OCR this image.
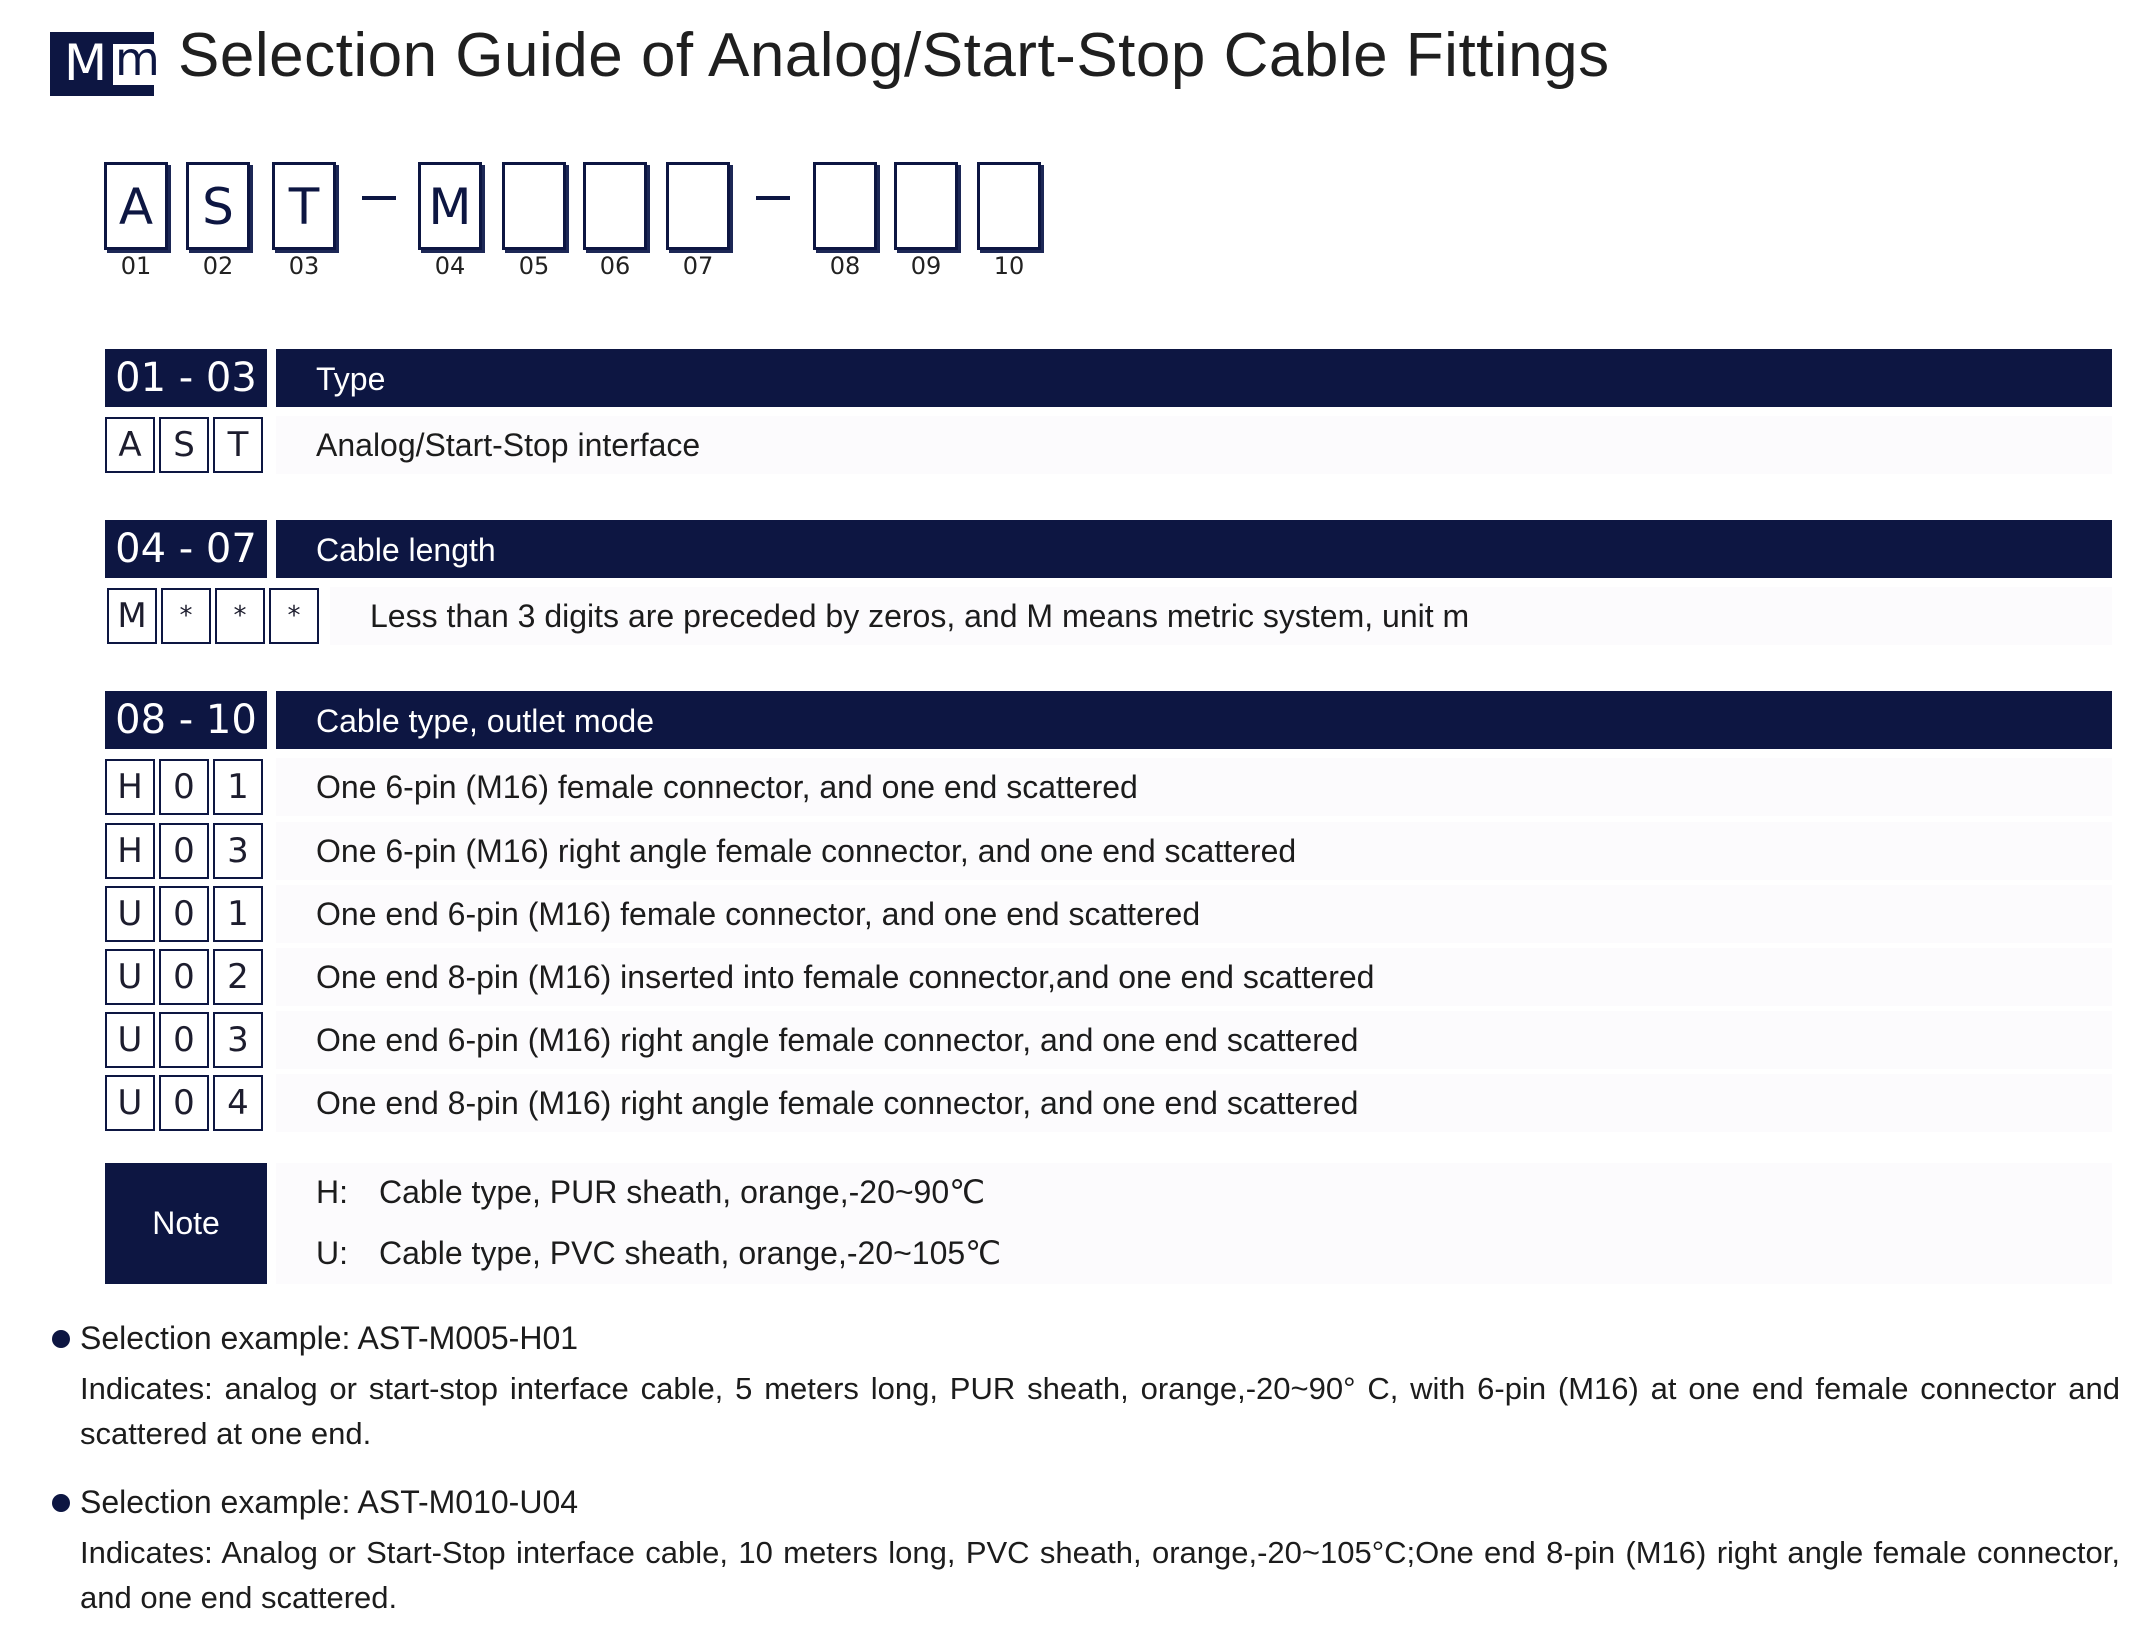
M m Selection Guide of Analog/Start-Stop Cable Fittings
A
01
S
02
T
03
M
04	05	06	07	08	09	10
01 - 03	Type
A S T	Analog/Start-Stop interface
04 - 07	Cable length
M	*	*	*	Less than 3 digits are preceded by zeros, and M means metric system, unit m
08 - 10	Cable type, outlet mode
H 0 1	One 6-pin (M16) female connector, and one end scattered
H 0 3	One 6-pin (M16) right angle female connector, and one end scattered
U 0 1	One end 6-pin (M16) female connector, and one end scattered
U 0 2	One end 8-pin (M16) inserted into female connector,and one end scattered
U 0 3	One end 6-pin (M16) right angle female connector, and one end scattered
U 0 4	One end 8-pin (M16) right angle female connector, and one end scattered
Note
H: Cable type, PUR sheath, orange,-20~90℃
U: Cable type, PVC sheath, orange,-20~105℃
Selection example: AST-M005-H01
Indicates: analog or start-stop interface cable, 5 meters long, PUR sheath, orange,-20~90° C, with 6-pin (M16) at one end female connector and scattered at one end.
Selection example: AST-M010-U04
Indicates: Analog or Start-Stop interface cable, 10 meters long, PVC sheath, orange,-20~105°C;One end 8-pin (M16) right angle female connector, and one end scattered.
